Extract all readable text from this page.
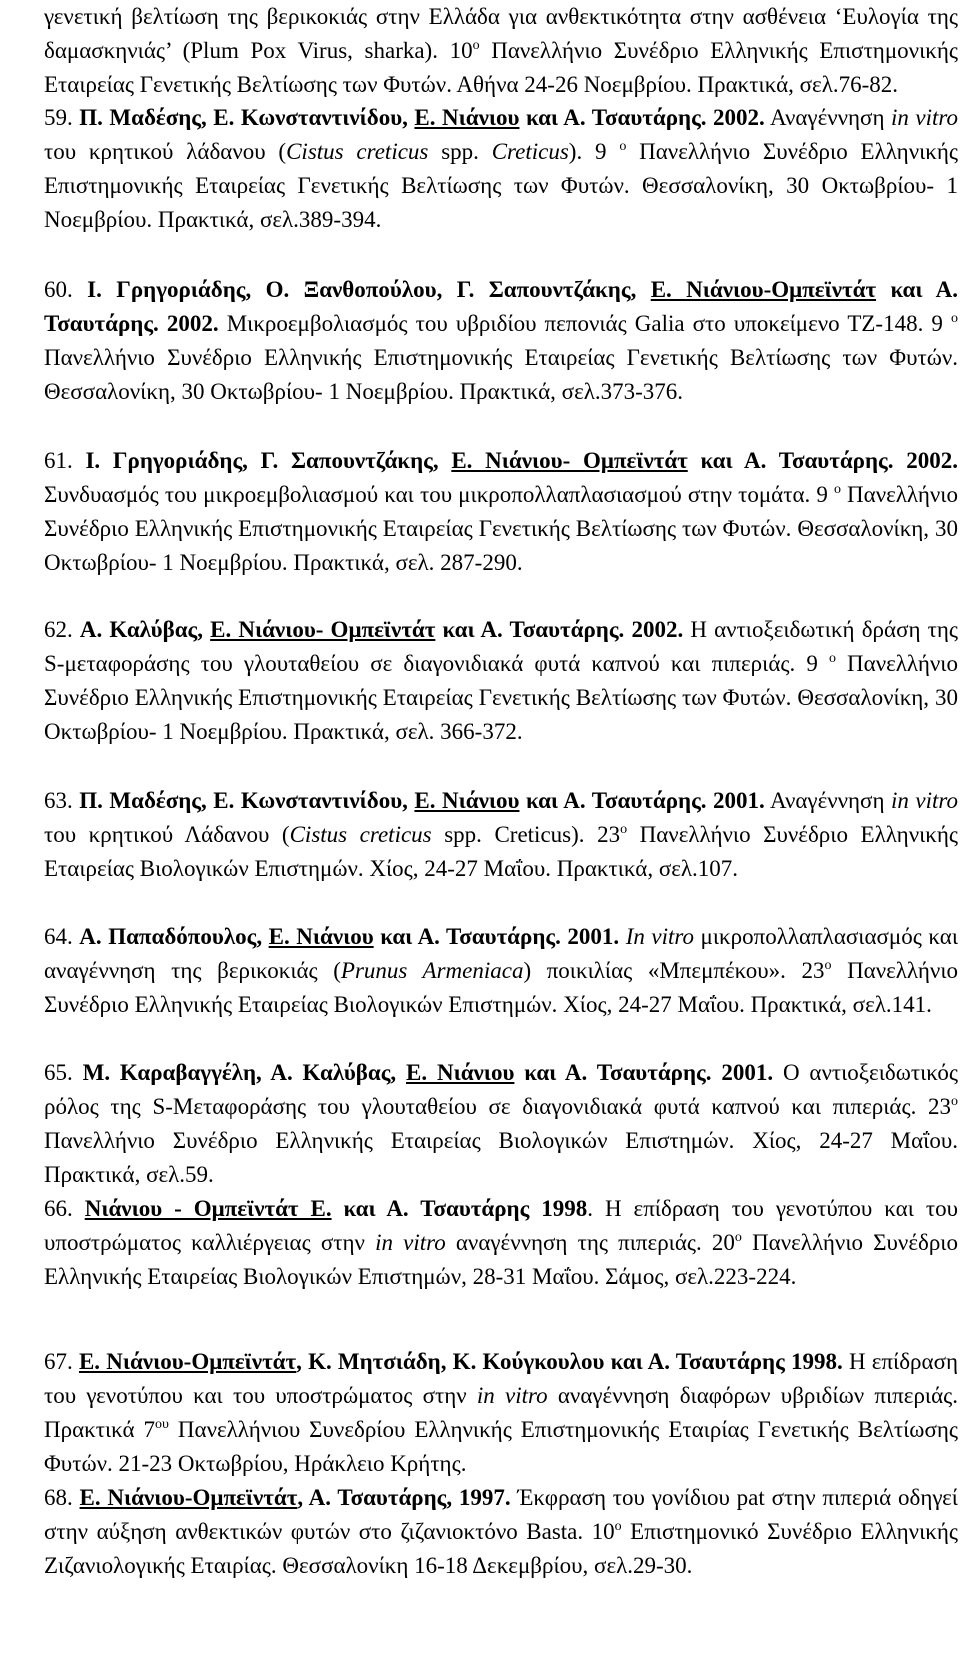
γενετική βελτίωση της βερικοκιάς στην Ελλάδα για ανθεκτικότητα στην ασθένεια ‘Ευλογία της δαμασκηνιάς’ (Plum Pox Virus, sharka). $10^o$ Πανελλήνιο Συνέδριο Ελληνικής Επιστημονικής Εταιρείας Γενετικής Βελτίωσης των Φυτών. Αθήνα 24-26 Νοεμβρίου. Πρακτικά, σελ.76-82.
59. Π. Μαδέσης, Ε. Κωνσταντινίδου, Ε. Νιάνιου και Α. Τσαυτάρης. 2002. Αναγέννηση in vitro του κρητικού λάδανου (Cistus creticus spp. Creticus). 9 $^o$ Πανελλήνιο Συνέδριο Ελληνικής Επιστημονικής Εταιρείας Γενετικής Βελτίωσης των Φυτών. Θεσσαλονίκη, 30 Οκτωβρίου- 1 Νοεμβρίου. Πρακτικά, σελ.389-394.
60. Ι. Γρηγοριάδης, Ο. Ξανθοπούλου, Γ. Σαπουντζάκης, Ε. Νιάνιου-Ομπεϊντάτ και Α. Τσαυτάρης. 2002. Μικροεμβολιασμός του υβριδίου πεπονιάς Galia στο υποκείμενο ΤΖ-148. 9 $^o$ Πανελλήνιο Συνέδριο Ελληνικής Επιστημονικής Εταιρείας Γενετικής Βελτίωσης των Φυτών. Θεσσαλονίκη, 30 Οκτωβρίου- 1 Νοεμβρίου. Πρακτικά, σελ.373-376.
61. Ι. Γρηγοριάδης, Γ. Σαπουντζάκης, Ε. Νιάνιου- Ομπεϊντάτ και Α. Τσαυτάρης. 2002. Συνδυασμός του μικροεμβολιασμού και του μικροπολλαπλασιασμού στην τομάτα. 9 $^o$ Πανελλήνιο Συνέδριο Ελληνικής Επιστημονικής Εταιρείας Γενετικής Βελτίωσης των Φυτών. Θεσσαλονίκη, 30 Οκτωβρίου- 1 Νοεμβρίου. Πρακτικά, σελ. 287-290.
62. Α. Καλύβας, Ε. Νιάνιου- Ομπεϊντάτ και Α. Τσαυτάρης. 2002. Η αντιοξειδωτική δράση της S-μεταφοράσης του γλουταθείου σε διαγονιδιακά φυτά καπνού και πιπεριάς. 9 $^o$ Πανελλήνιο Συνέδριο Ελληνικής Επιστημονικής Εταιρείας Γενετικής Βελτίωσης των Φυτών. Θεσσαλονίκη, 30 Οκτωβρίου- 1 Νοεμβρίου. Πρακτικά, σελ. 366-372.
63. Π. Μαδέσης, Ε. Κωνσταντινίδου, Ε. Νιάνιου και Α. Τσαυτάρης. 2001. Αναγέννηση in vitro του κρητικού Λάδανου (Cistus creticus spp. Creticus). $23^o$ Πανελλήνιο Συνέδριο Ελληνικής Εταιρείας Βιολογικών Επιστημών. Χίος, 24-27 Μαΐου. Πρακτικά, σελ.107.
64. Α. Παπαδόπουλος, Ε. Νιάνιου και Α. Τσαυτάρης. 2001. In vitro μικροπολλαπλασιασμός και αναγέννηση της βερικοκιάς (Prunus Armeniaca) ποικιλίας «Μπεμπέκου». $23^o$ Πανελλήνιο Συνέδριο Ελληνικής Εταιρείας Βιολογικών Επιστημών. Χίος, 24-27 Μαΐου. Πρακτικά, σελ.141.
65. Μ. Καραβαγγέλη, Α. Καλύβας, Ε. Νιάνιου και Α. Τσαυτάρης. 2001. Ο αντιοξειδωτικός ρόλος της S-Μεταφοράσης του γλουταθείου σε διαγονιδιακά φυτά καπνού και πιπεριάς. $23^o$ Πανελλήνιο Συνέδριο Ελληνικής Εταιρείας Βιολογικών Επιστημών. Χίος, 24-27 Μαΐου. Πρακτικά, σελ.59.
66. Νιάνιου - Ομπεϊντάτ Ε. και Α. Τσαυτάρης 1998. Η επίδραση του γενοτύπου και του υποστρώματος καλλιέργειας στην in vitro αναγέννηση της πιπεριάς. $20^o$ Πανελλήνιο Συνέδριο Ελληνικής Εταιρείας Βιολογικών Επιστημών, 28-31 Μαΐου. Σάμος, σελ.223-224.
67. Ε. Νιάνιου-Ομπεϊντάτ, Κ. Μητσιάδη, Κ. Κούγκουλου και Α. Τσαυτάρης 1998. Η επίδραση του γενοτύπου και του υποστρώματος στην in vitro αναγέννηση διαφόρων υβριδίων πιπεριάς. Πρακτικά $7^{o\upsilon}$ Πανελλήνιου Συνεδρίου Ελληνικής Επιστημονικής Εταιρίας Γενετικής Βελτίωσης Φυτών. 21-23 Οκτωβρίου, Ηράκλειο Κρήτης.
68. Ε. Νιάνιου-Ομπεϊντάτ, Α. Τσαυτάρης, 1997. Έκφραση του γονίδιου pat στην πιπεριά οδηγεί στην αύξηση ανθεκτικών φυτών στο ζιζανιοκτόνο Basta. $10^o$ Επιστημονικό Συνέδριο Ελληνικής Ζιζανιολογικής Εταιρίας. Θεσσαλονίκη 16-18 Δεκεμβρίου, σελ.29-30.
